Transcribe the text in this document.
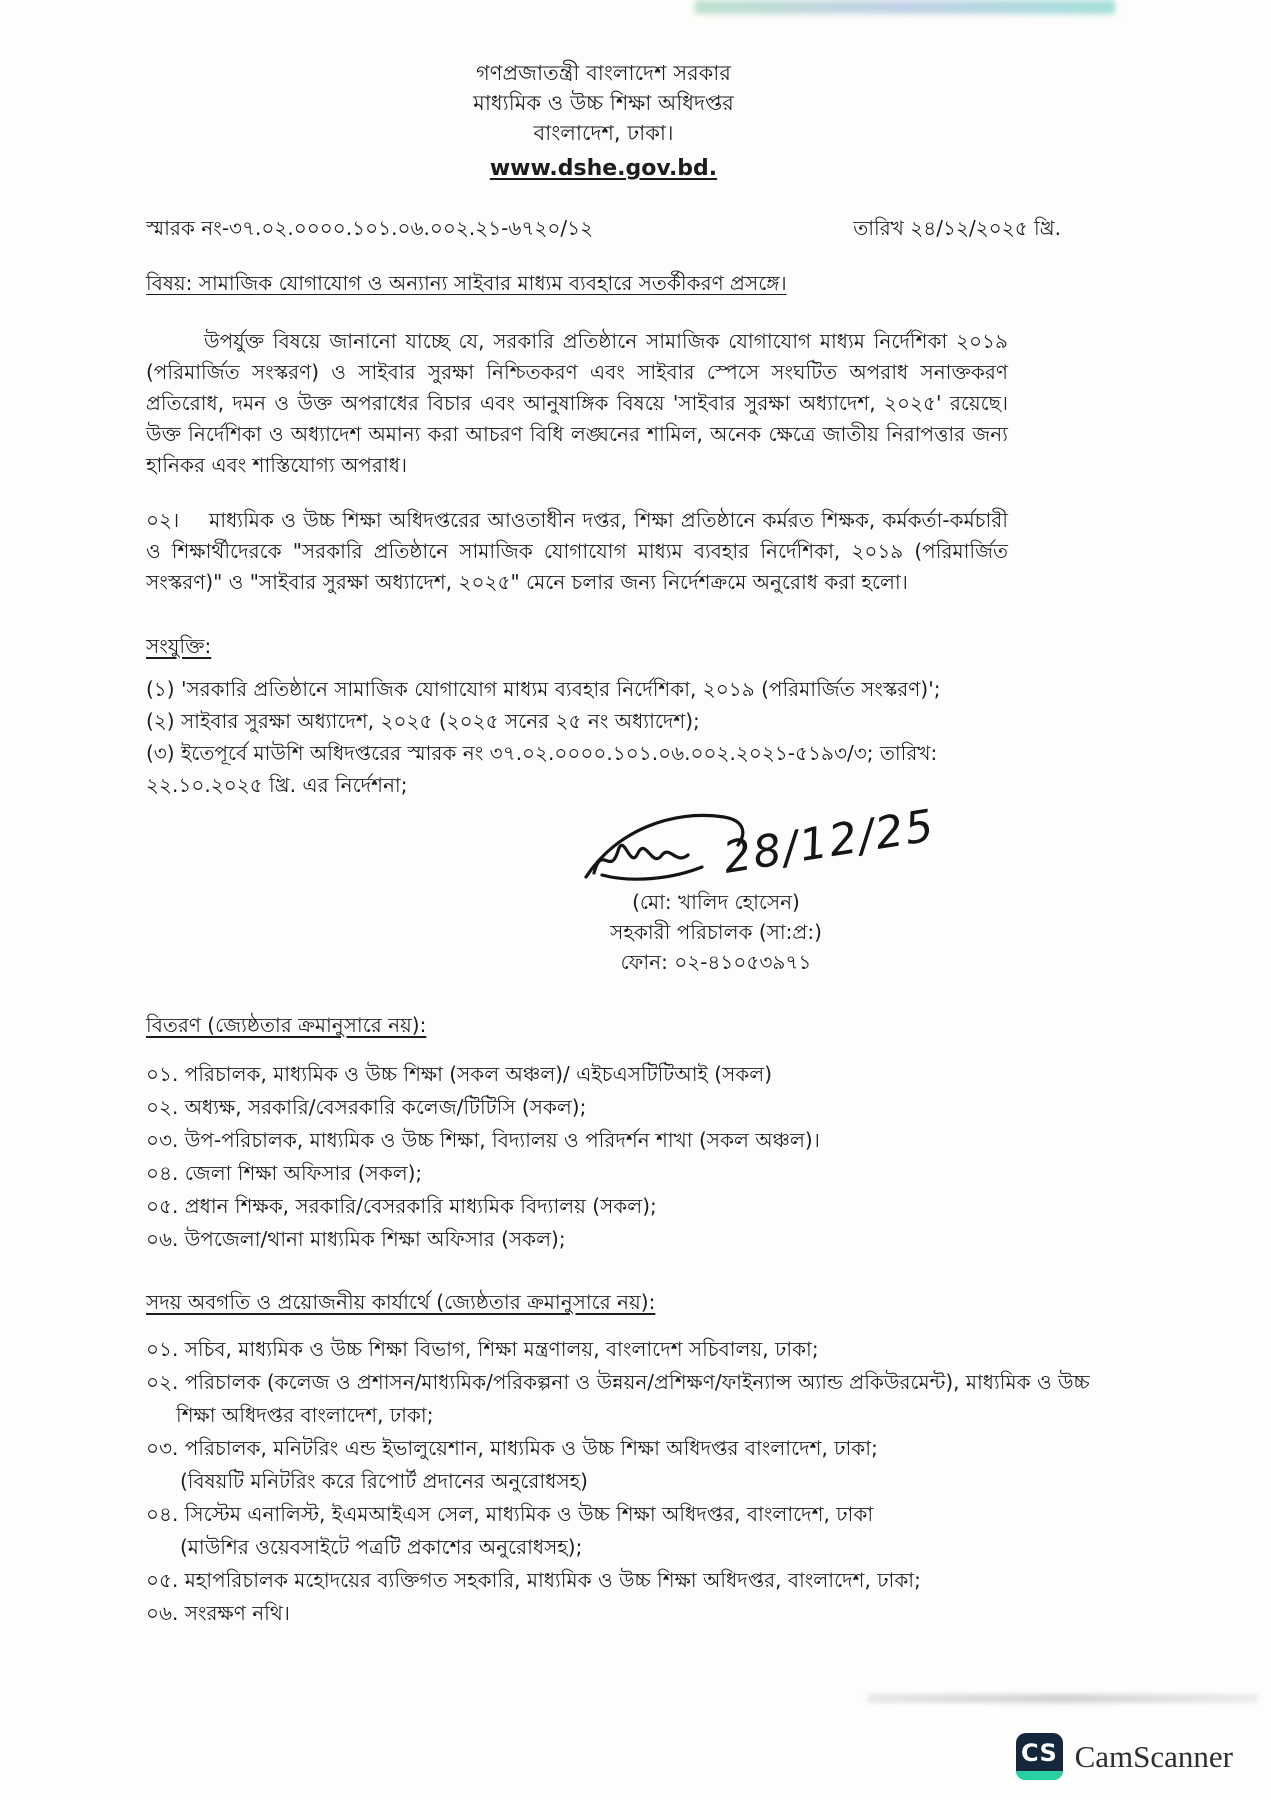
গণপ্রজাতন্ত্রী বাংলাদেশ সরকার
মাধ্যমিক ও উচ্চ শিক্ষা অধিদপ্তর
বাংলাদেশ, ঢাকা।
www.dshe.gov.bd.
স্মারক নং-৩৭.০২.০০০০.১০১.০৬.০০২.২১-৬৭২০/১২	তারিখ ২৪/১২/২০২৫ খ্রি.
বিষয়: সামাজিক যোগাযোগ ও অন্যান্য সাইবার মাধ্যম ব্যবহারে সতর্কীকরণ প্রসঙ্গে।
উপর্যুক্ত বিষয়ে জানানো যাচ্ছে যে, সরকারি প্রতিষ্ঠানে সামাজিক যোগাযোগ মাধ্যম নির্দেশিকা ২০১৯ (পরিমার্জিত সংস্করণ) ও সাইবার সুরক্ষা নিশ্চিতকরণ এবং সাইবার স্পেসে সংঘটিত অপরাধ সনাক্তকরণ প্রতিরোধ, দমন ও উক্ত অপরাধের বিচার এবং আনুষাঙ্গিক বিষয়ে 'সাইবার সুরক্ষা অধ্যাদেশ, ২০২৫' রয়েছে। উক্ত নির্দেশিকা ও অধ্যাদেশ অমান্য করা আচরণ বিধি লঙ্ঘনের শামিল, অনেক ক্ষেত্রে জাতীয় নিরাপত্তার জন্য হানিকর এবং শাস্তিযোগ্য অপরাধ।
০২। মাধ্যমিক ও উচ্চ শিক্ষা অধিদপ্তরের আওতাধীন দপ্তর, শিক্ষা প্রতিষ্ঠানে কর্মরত শিক্ষক, কর্মকর্তা-কর্মচারী ও শিক্ষার্থীদেরকে "সরকারি প্রতিষ্ঠানে সামাজিক যোগাযোগ মাধ্যম ব্যবহার নির্দেশিকা, ২০১৯ (পরিমার্জিত সংস্করণ)" ও "সাইবার সুরক্ষা অধ্যাদেশ, ২০২৫" মেনে চলার জন্য নির্দেশক্রমে অনুরোধ করা হলো।
সংযুক্তি:
(১) 'সরকারি প্রতিষ্ঠানে সামাজিক যোগাযোগ মাধ্যম ব্যবহার নির্দেশিকা, ২০১৯ (পরিমার্জিত সংস্করণ)';
(২) সাইবার সুরক্ষা অধ্যাদেশ, ২০২৫ (২০২৫ সনের ২৫ নং অধ্যাদেশ);
(৩) ইতেপূর্বে মাউশি অধিদপ্তরের স্মারক নং ৩৭.০২.০০০০.১০১.০৬.০০২.২০২১-৫১৯৩/৩; তারিখ: ২২.১০.২০২৫ খ্রি. এর নির্দেশনা;
28/12/25
(মো: খালিদ হোসেন)
সহকারী পরিচালক (সা:প্র:)
ফোন: ০২-৪১০৫৩৯৭১
বিতরণ (জ্যেষ্ঠতার ক্রমানুসারে নয়):
০১. পরিচালক, মাধ্যমিক ও উচ্চ শিক্ষা (সকল অঞ্চল)/ এইচএসটিটিআই (সকল)
০২. অধ্যক্ষ, সরকারি/বেসরকারি কলেজ/টিটিসি (সকল);
০৩. উপ-পরিচালক, মাধ্যমিক ও উচ্চ শিক্ষা, বিদ্যালয় ও পরিদর্শন শাখা (সকল অঞ্চল)।
০৪. জেলা শিক্ষা অফিসার (সকল);
০৫. প্রধান শিক্ষক, সরকারি/বেসরকারি মাধ্যমিক বিদ্যালয় (সকল);
০৬. উপজেলা/থানা মাধ্যমিক শিক্ষা অফিসার (সকল);
সদয় অবগতি ও প্রয়োজনীয় কার্যার্থে (জ্যেষ্ঠতার ক্রমানুসারে নয়):
০১. সচিব, মাধ্যমিক ও উচ্চ শিক্ষা বিভাগ, শিক্ষা মন্ত্রণালয়, বাংলাদেশ সচিবালয়, ঢাকা;
০২. পরিচালক (কলেজ ও প্রশাসন/মাধ্যমিক/পরিকল্পনা ও উন্নয়ন/প্রশিক্ষণ/ফাইন্যান্স অ্যান্ড প্রকিউরমেন্ট), মাধ্যমিক ও উচ্চ শিক্ষা অধিদপ্তর বাংলাদেশ, ঢাকা;
০৩. পরিচালক, মনিটরিং এন্ড ইভালুয়েশান, মাধ্যমিক ও উচ্চ শিক্ষা অধিদপ্তর বাংলাদেশ, ঢাকা;
(বিষয়টি মনিটরিং করে রিপোর্ট প্রদানের অনুরোধসহ)
০৪. সিস্টেম এনালিস্ট, ইএমআইএস সেল, মাধ্যমিক ও উচ্চ শিক্ষা অধিদপ্তর, বাংলাদেশ, ঢাকা
(মাউশির ওয়েবসাইটে পত্রটি প্রকাশের অনুরোধসহ);
০৫. মহাপরিচালক মহোদয়ের ব্যক্তিগত সহকারি, মাধ্যমিক ও উচ্চ শিক্ষা অধিদপ্তর, বাংলাদেশ, ঢাকা;
০৬. সংরক্ষণ নথি।
CS CamScanner
